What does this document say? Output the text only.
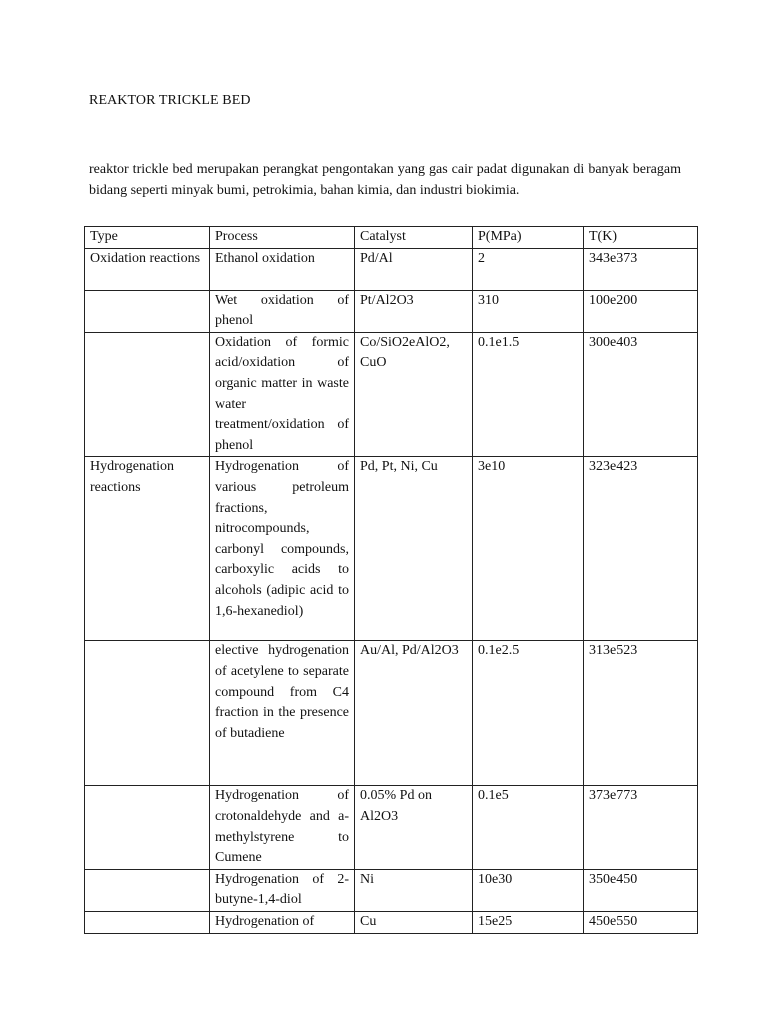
REAKTOR TRICKLE BED
reaktor trickle bed merupakan perangkat pengontakan yang gas cair padat digunakan di banyak beragam bidang seperti minyak bumi, petrokimia, bahan kimia, dan industri biokimia.
Type	Process	Catalyst	P(MPa)	T(K)
Oxidation reactions	Ethanol oxidation	Pd/Al	2	343e373
	Wet oxidation of phenol	Pt/Al2O3	310	100e200
	Oxidation of formic acid/oxidation of organic matter in waste water treatment/oxidation of phenol	Co/SiO2eAlO2, CuO	0.1e1.5	300e403
Hydrogenation reactions	Hydrogenation of various petroleum fractions, nitrocompounds, carbonyl compounds, carboxylic acids to alcohols (adipic acid to 1,6-hexanediol)	Pd, Pt, Ni, Cu	3e10	323e423
	elective hydrogenation of acetylene to separate compound from C4 fraction in the presence of butadiene	Au/Al, Pd/Al2O3	0.1e2.5	313e523
	Hydrogenation of crotonaldehyde and a-methylstyrene to Cumene	0.05% Pd on Al2O3	0.1e5	373e773
	Hydrogenation of 2-butyne-1,4-diol	Ni	10e30	350e450
	Hydrogenation of	Cu	15e25	450e550
